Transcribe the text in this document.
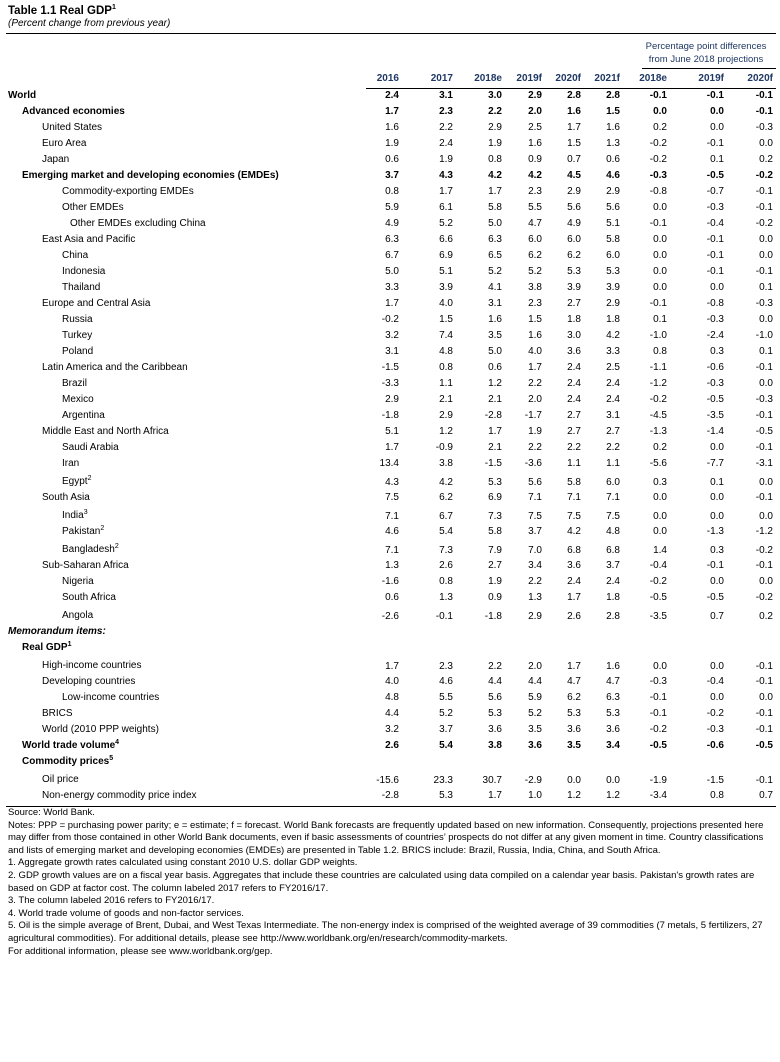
Table 1.1 Real GDP$^1$
(Percent change from previous year)
Percentage point differences
from June 2018 projections
2016	2017	2018e	2019f	2020f	2021f	2018e	2019f	2020f
World	2.4	3.1	3.0	2.9	2.8	2.8	-0.1	-0.1	-0.1
Advanced economies	1.7	2.3	2.2	2.0	1.6	1.5	0.0	0.0	-0.1
United States	1.6	2.2	2.9	2.5	1.7	1.6	0.2	0.0	-0.3
Euro Area	1.9	2.4	1.9	1.6	1.5	1.3	-0.2	-0.1	0.0
Japan	0.6	1.9	0.8	0.9	0.7	0.6	-0.2	0.1	0.2
Emerging market and developing economies (EMDEs)	3.7	4.3	4.2	4.2	4.5	4.6	-0.3	-0.5	-0.2
Commodity-exporting EMDEs	0.8	1.7	1.7	2.3	2.9	2.9	-0.8	-0.7	-0.1
Other EMDEs	5.9	6.1	5.8	5.5	5.6	5.6	0.0	-0.3	-0.1
Other EMDEs excluding China	4.9	5.2	5.0	4.7	4.9	5.1	-0.1	-0.4	-0.2
East Asia and Pacific	6.3	6.6	6.3	6.0	6.0	5.8	0.0	-0.1	0.0
China	6.7	6.9	6.5	6.2	6.2	6.0	0.0	-0.1	0.0
Indonesia	5.0	5.1	5.2	5.2	5.3	5.3	0.0	-0.1	-0.1
Thailand	3.3	3.9	4.1	3.8	3.9	3.9	0.0	0.0	0.1
Europe and Central Asia	1.7	4.0	3.1	2.3	2.7	2.9	-0.1	-0.8	-0.3
Russia	-0.2	1.5	1.6	1.5	1.8	1.8	0.1	-0.3	0.0
Turkey	3.2	7.4	3.5	1.6	3.0	4.2	-1.0	-2.4	-1.0
Poland	3.1	4.8	5.0	4.0	3.6	3.3	0.8	0.3	0.1
Latin America and the Caribbean	-1.5	0.8	0.6	1.7	2.4	2.5	-1.1	-0.6	-0.1
Brazil	-3.3	1.1	1.2	2.2	2.4	2.4	-1.2	-0.3	0.0
Mexico	2.9	2.1	2.1	2.0	2.4	2.4	-0.2	-0.5	-0.3
Argentina	-1.8	2.9	-2.8	-1.7	2.7	3.1	-4.5	-3.5	-0.1
Middle East and North Africa	5.1	1.2	1.7	1.9	2.7	2.7	-1.3	-1.4	-0.5
Saudi Arabia	1.7	-0.9	2.1	2.2	2.2	2.2	0.2	0.0	-0.1
Iran	13.4	3.8	-1.5	-3.6	1.1	1.1	-5.6	-7.7	-3.1
Egypt$^2$	4.3	4.2	5.3	5.6	5.8	6.0	0.3	0.1	0.0
South Asia	7.5	6.2	6.9	7.1	7.1	7.1	0.0	0.0	-0.1
India$^3$	7.1	6.7	7.3	7.5	7.5	7.5	0.0	0.0	0.0
Pakistan$^2$	4.6	5.4	5.8	3.7	4.2	4.8	0.0	-1.3	-1.2
Bangladesh$^2$	7.1	7.3	7.9	7.0	6.8	6.8	1.4	0.3	-0.2
Sub-Saharan Africa	1.3	2.6	2.7	3.4	3.6	3.7	-0.4	-0.1	-0.1
Nigeria	-1.6	0.8	1.9	2.2	2.4	2.4	-0.2	0.0	0.0
South Africa	0.6	1.3	0.9	1.3	1.7	1.8	-0.5	-0.5	-0.2
Angola	-2.6	-0.1	-1.8	2.9	2.6	2.8	-3.5	0.7	0.2
Memorandum items:
Real GDP$^1$
High-income countries	1.7	2.3	2.2	2.0	1.7	1.6	0.0	0.0	-0.1
Developing countries	4.0	4.6	4.4	4.4	4.7	4.7	-0.3	-0.4	-0.1
Low-income countries	4.8	5.5	5.6	5.9	6.2	6.3	-0.1	0.0	0.0
BRICS	4.4	5.2	5.3	5.2	5.3	5.3	-0.1	-0.2	-0.1
World (2010 PPP weights)	3.2	3.7	3.6	3.5	3.6	3.6	-0.2	-0.3	-0.1
World trade volume$^4$	2.6	5.4	3.8	3.6	3.5	3.4	-0.5	-0.6	-0.5
Commodity prices$^5$
Oil price	-15.6	23.3	30.7	-2.9	0.0	0.0	-1.9	-1.5	-0.1
Non-energy commodity price index	-2.8	5.3	1.7	1.0	1.2	1.2	-3.4	0.8	0.7

Source: World Bank.

Notes: PPP = purchasing power parity; e = estimate; f = forecast. World Bank forecasts are frequently updated based on new information. Consequently, projections presented here may differ from those contained in other World Bank documents, even if basic assessments of countries’ prospects do not differ at any given moment in time. Country classifications and lists of emerging market and developing economies (EMDEs) are presented in Table 1.2. BRICS include: Brazil, Russia, India, China, and South Africa.

1. Aggregate growth rates calculated using constant 2010 U.S. dollar GDP weights.

2. GDP growth values are on a fiscal year basis. Aggregates that include these countries are calculated using data compiled on a calendar year basis. Pakistan's growth rates are based on GDP at factor cost. The column labeled 2017 refers to FY2016/17.

3. The column labeled 2016 refers to FY2016/17.

4. World trade volume of goods and non-factor services.

5. Oil is the simple average of Brent, Dubai, and West Texas Intermediate. The non-energy index is comprised of the weighted average of 39 commodities (7 metals, 5 fertilizers, 27 agricultural commodities). For additional details, please see http://www.worldbank.org/en/research/commodity-markets.

For additional information, please see www.worldbank.org/gep.
